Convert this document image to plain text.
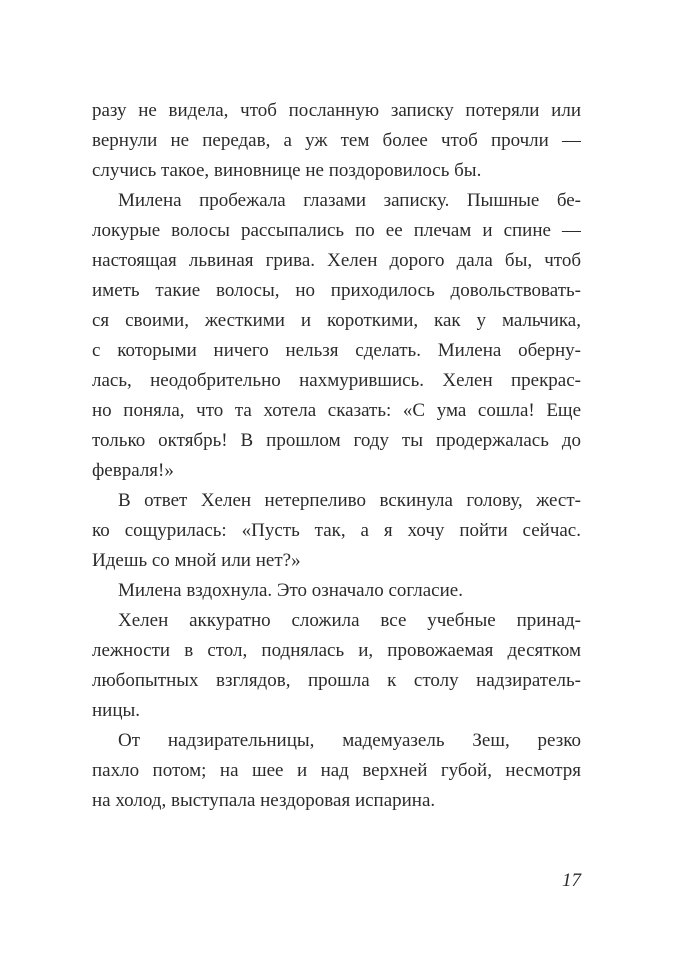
разу не видела, чтоб посланную записку потеряли или
вернули не передав, а уж тем более чтоб прочли —
случись такое, виновнице не поздоровилось бы.
Милена пробежала глазами записку. Пышные бе-
локурые волосы рассыпались по ее плечам и спине —
настоящая львиная грива. Хелен дорого дала бы, чтоб
иметь такие волосы, но приходилось довольствовать-
ся своими, жесткими и короткими, как у мальчика,
с которыми ничего нельзя сделать. Милена оберну-
лась, неодобрительно нахмурившись. Хелен прекрас-
но поняла, что та хотела сказать: «С ума сошла! Еще
только октябрь! В прошлом году ты продержалась до
февраля!»
В ответ Хелен нетерпеливо вскинула голову, жест-
ко сощурилась: «Пусть так, а я хочу пойти сейчас.
Идешь со мной или нет?»
Милена вздохнула. Это означало согласие.
Хелен аккуратно сложила все учебные принад-
лежности в стол, поднялась и, провожаемая десятком
любопытных взглядов, прошла к столу надзиратель-
ницы.
От надзирательницы, мадемуазель Зеш, резко
пахло потом; на шее и над верхней губой, несмотря
на холод, выступала нездоровая испарина.
17
